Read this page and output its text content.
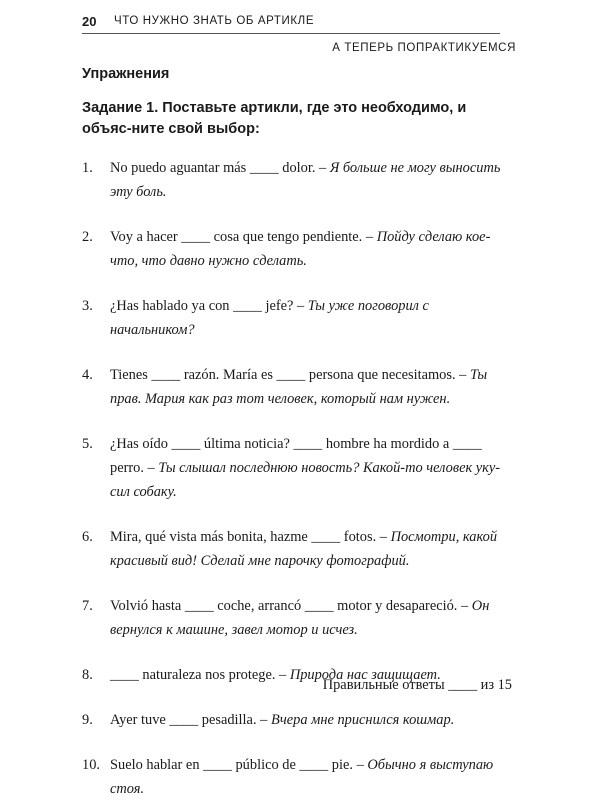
20 ЧТО НУЖНО ЗНАТЬ ОБ АРТИКЛЕ
А ТЕПЕРЬ ПОПРАКТИКУЕМСЯ
Упражнения
Задание 1. Поставьте артикли, где это необходимо, и объяс-ните свой выбор:
1. No puedo aguantar más ____ dolor. – Я больше не могу выносить эту боль.
2. Voy a hacer ____ cosa que tengo pendiente. – Пойду сделаю кое-что, что давно нужно сделать.
3. ¿Has hablado ya con ____ jefe? – Ты уже поговорил с начальником?
4. Tienes ____ razón. María es ____ persona que necesitamos. – Ты прав. Мария как раз тот человек, который нам нужен.
5. ¿Has oído ____ última noticia? ____ hombre ha mordido a ____ perro. – Ты слышал последнюю новость? Какой-то человек уку-сил собаку.
6. Mira, qué vista más bonita, hazme ____ fotos. – Посмотри, какой красивый вид! Сделай мне парочку фотографий.
7. Volvió hasta ____ coche, arrancó ____ motor y desapareció. – Он вернулся к машине, завел мотор и исчез.
8. ____ naturaleza nos protege. – Природа нас защищает.
9. Ayer tuve ____ pesadilla. – Вчера мне приснился кошмар.
10. Suelo hablar en ____ público de ____ pie. – Обычно я выступаю стоя.
Правильные ответы ____ из 15
